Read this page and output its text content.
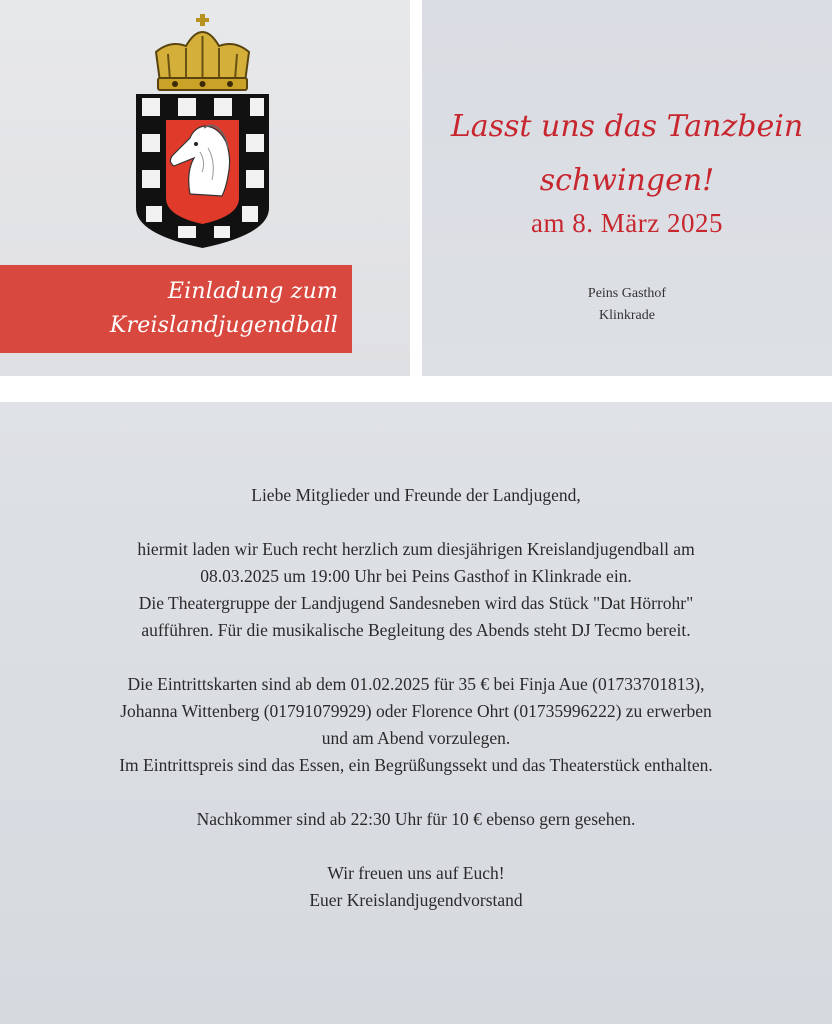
Einladung zum
Kreislandjugendball
Lasst uns das Tanzbein
schwingen!
am 8. März 2025
Peins Gasthof
Klinkrade

Liebe Mitglieder und Freunde der Landjugend,

hiermit laden wir Euch recht herzlich zum diesjährigen Kreislandjugendball am

08.03.2025 um 19:00 Uhr bei Peins Gasthof in Klinkrade ein.

Die Theatergruppe der Landjugend Sandesneben wird das Stück "Dat Hörrohr"

aufführen. Für die musikalische Begleitung des Abends steht DJ Tecmo bereit.

Die Eintrittskarten sind ab dem 01.02.2025 für 35 € bei Finja Aue (01733701813),

Johanna Wittenberg (01791079929) oder Florence Ohrt (01735996222) zu erwerben

und am Abend vorzulegen.

Im Eintrittspreis sind das Essen, ein Begrüßungssekt und das Theaterstück enthalten.

Nachkommer sind ab 22:30 Uhr für 10 € ebenso gern gesehen.

Wir freuen uns auf Euch!

Euer Kreislandjugendvorstand
